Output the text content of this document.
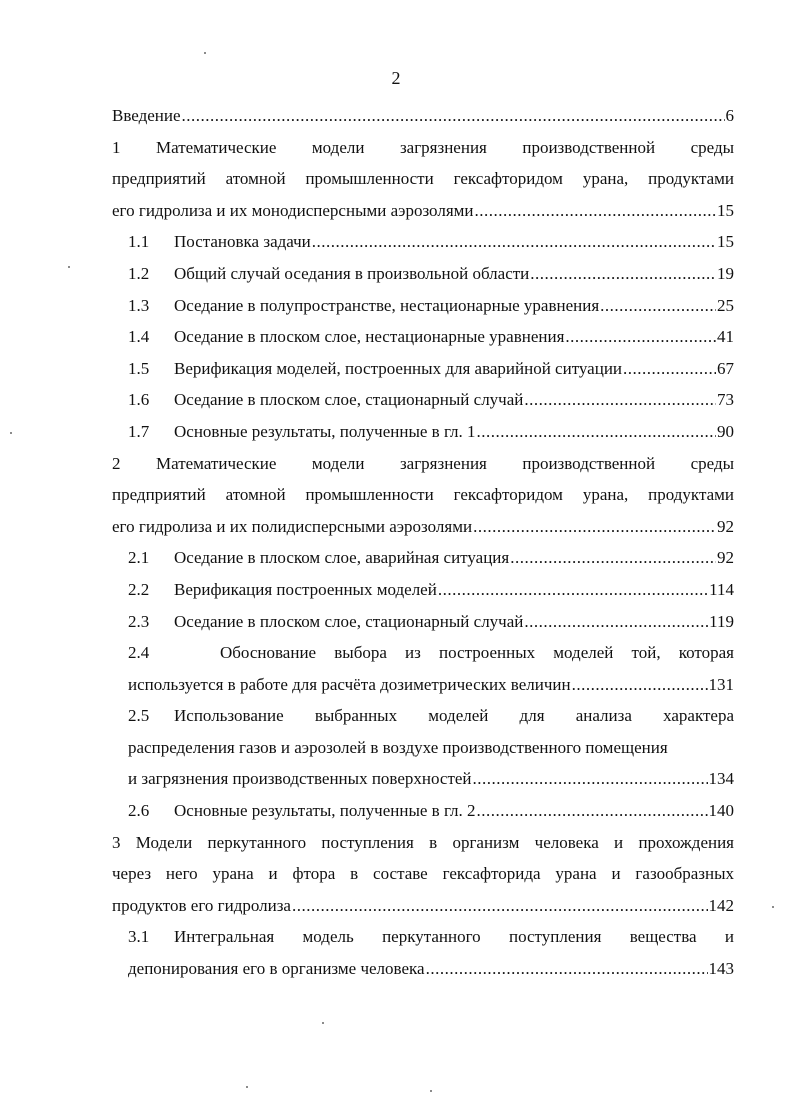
2
Введение .....	6
1 Математические модели загрязнения производственной среды
предприятий атомной промышленности гексафторидом урана, продуктами
его гидролиза и их монодисперсными аэрозолями .....	15
1.1 Постановка задачи .....	15
1.2 Общий случай оседания в произвольной области .....	19
1.3 Оседание в полупространстве, нестационарные уравнения .....	25
1.4 Оседание в плоском слое, нестационарные уравнения .....	41
1.5 Верификация моделей, построенных для аварийной ситуации .....	67
1.6 Оседание в плоском слое, стационарный случай .....	73
1.7 Основные результаты, полученные в гл. 1 .....	90
2 Математические модели загрязнения производственной среды
предприятий атомной промышленности гексафторидом урана, продуктами
его гидролиза и их полидисперсными аэрозолями .....	92
2.1 Оседание в плоском слое, аварийная ситуация .....	92
2.2 Верификация построенных моделей .....	114
2.3 Оседание в плоском слое, стационарный случай .....	119
2.4	Обоснование выбора из построенных моделей той, которая
используется в работе для расчёта дозиметрических величин .....	131
2.5 Использование выбранных моделей для анализа характера
распределения газов и аэрозолей в воздухе производственного помещения
и загрязнения производственных поверхностей .....	134
2.6 Основные результаты, полученные в гл. 2 .....	140
3 Модели перкутанного поступления в организм человека и прохождения
через него урана и фтора в составе гексафторида урана и газообразных
продуктов его гидролиза .....	142
3.1 Интегральная модель перкутанного поступления вещества и
депонирования его в организме человека .....	143
